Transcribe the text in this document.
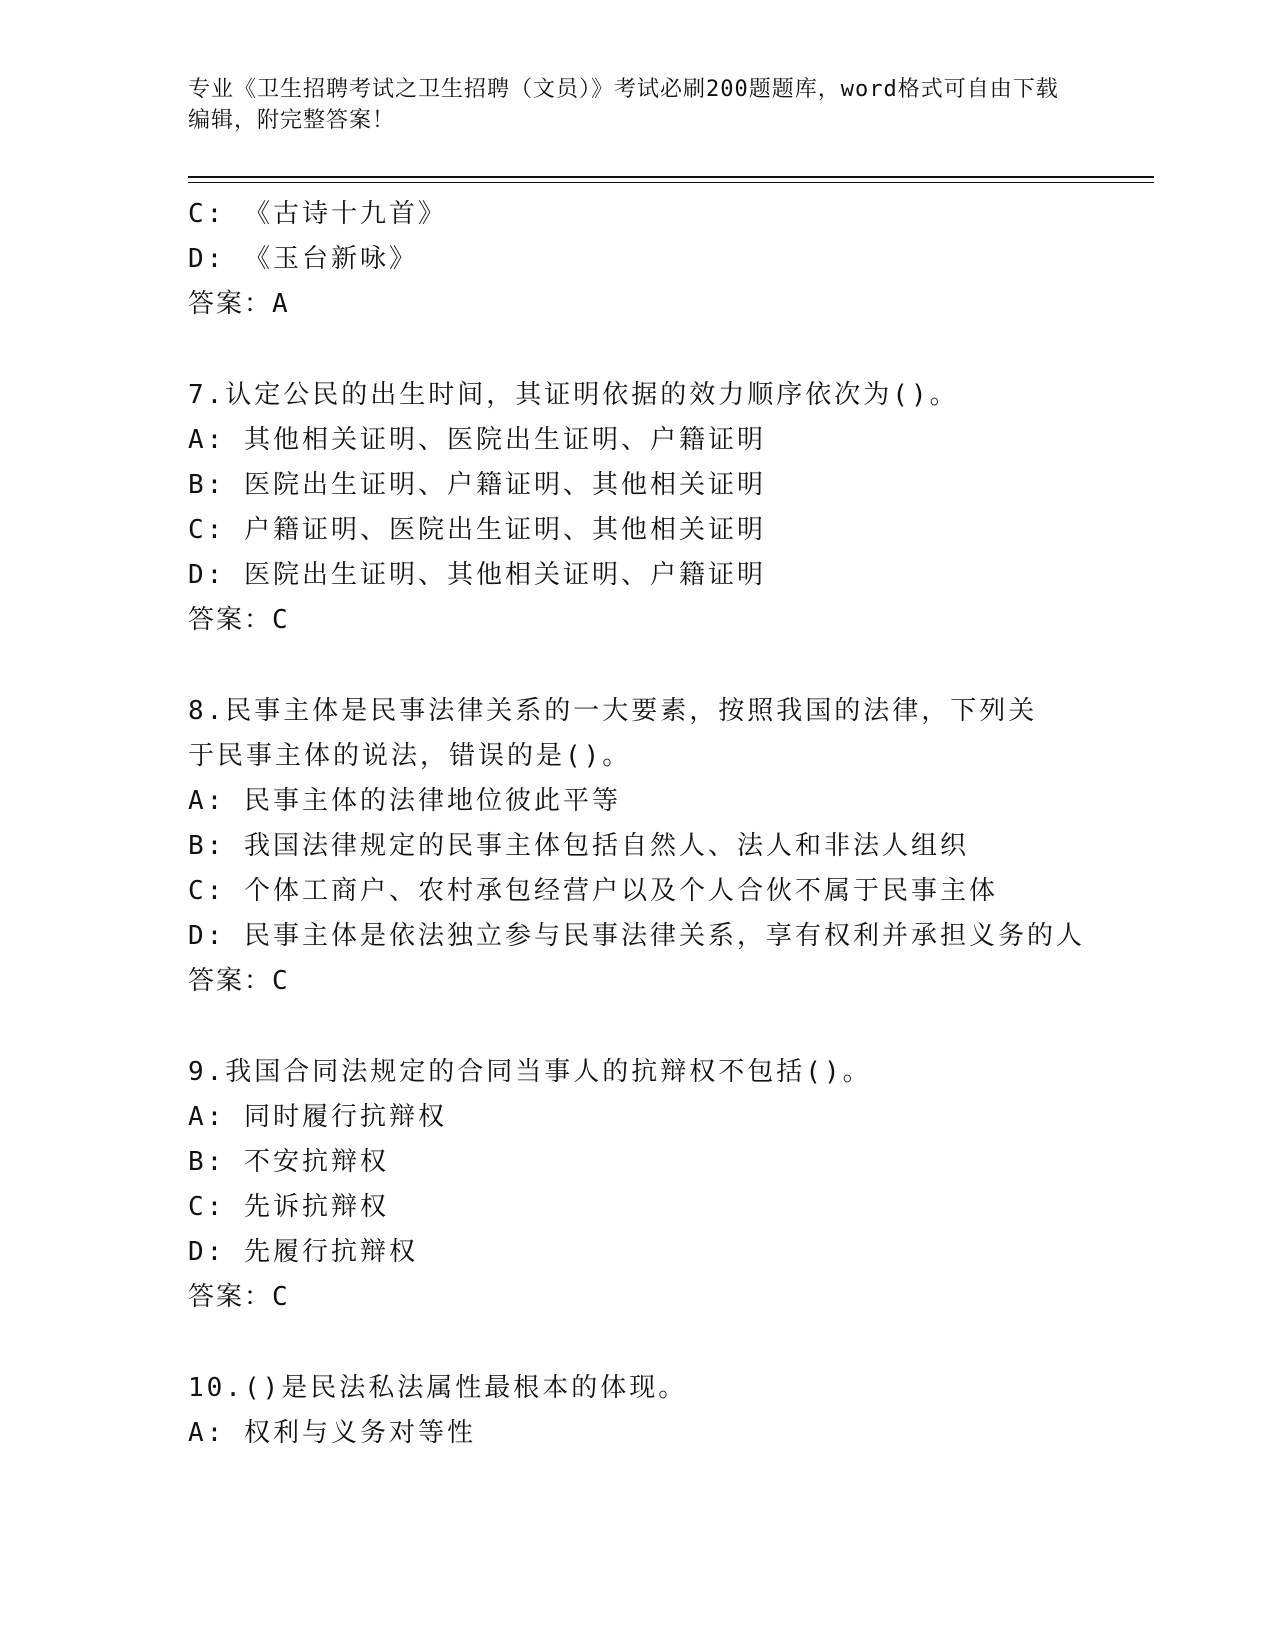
专业《卫生招聘考试之卫生招聘（文员）》考试必刷200题题库，word格式可自由下载编辑，附完整答案！
C: 《古诗十九首》
D: 《玉台新咏》
答案：A
7.认定公民的出生时间，其证明依据的效力顺序依次为()。
A: 其他相关证明、医院出生证明、户籍证明
B: 医院出生证明、户籍证明、其他相关证明
C: 户籍证明、医院出生证明、其他相关证明
D: 医院出生证明、其他相关证明、户籍证明
答案：C
8.民事主体是民事法律关系的一大要素，按照我国的法律，下列关于民事主体的说法，错误的是()。
A: 民事主体的法律地位彼此平等
B: 我国法律规定的民事主体包括自然人、法人和非法人组织
C: 个体工商户、农村承包经营户以及个人合伙不属于民事主体
D: 民事主体是依法独立参与民事法律关系，享有权利并承担义务的人
答案：C
9.我国合同法规定的合同当事人的抗辩权不包括()。
A: 同时履行抗辩权
B: 不安抗辩权
C: 先诉抗辩权
D: 先履行抗辩权
答案：C
10.()是民法私法属性最根本的体现。
A: 权利与义务对等性
